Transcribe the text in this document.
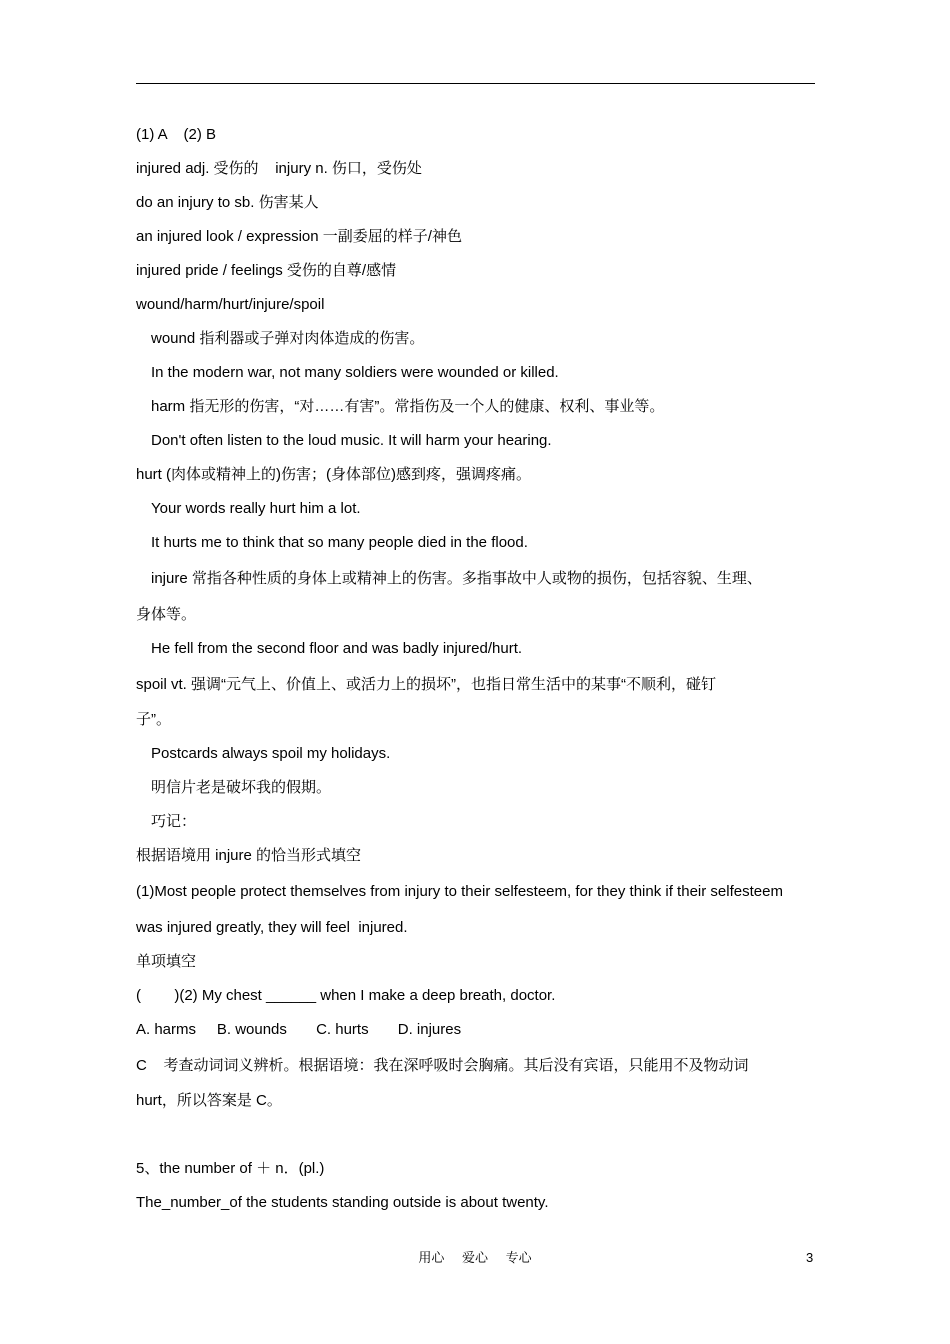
(1) A    (2) B
injured adj. 受伤的    injury n. 伤口，受伤处
do an injury to sb. 伤害某人
an injured look / expression 一副委屈的样子/神色
injured pride / feelings 受伤的自尊/感情
wound/harm/hurt/injure/spoil
wound 指利器或子弹对肉体造成的伤害。
In the modern war, not many soldiers were wounded or killed.
harm 指无形的伤害，“对……有害”。常指伤及一个人的健康、权利、事业等。
Don't often listen to the loud music. It will harm your hearing.
hurt (肉体或精神上的)伤害；(身体部位)感到疼，强调疼痛。
Your words really hurt him a lot.
It hurts me to think that so many people died in the flood.
injure 常指各种性质的身体上或精神上的伤害。多指事故中人或物的损伤，包括容貌、生理、
身体等。
He fell from the second floor and was badly injured/hurt.
spoil vt. 强调“元气上、价值上、或活力上的损坏”，也指日常生活中的某事“不顺利，碰钉
子”。
Postcards always spoil my holidays.
明信片老是破坏我的假期。
巧记：
根据语境用 injure 的恰当形式填空
(1)Most people protect themselves from injury to their selfesteem, for they think if their selfesteem
was injured greatly, they will feel  injured.
单项填空
(        )(2) My chest ______ when I make a deep breath, doctor.
A. harms     B. wounds       C. hurts       D. injures
C    考查动词词义辨析。根据语境：我在深呼吸时会胸痛。其后没有宾语，只能用不及物动词
hurt，所以答案是 C。
5、the number of ＋ n．(pl.)
The_number_of the students standing outside is about twenty.
用心 爱心 专心	3
